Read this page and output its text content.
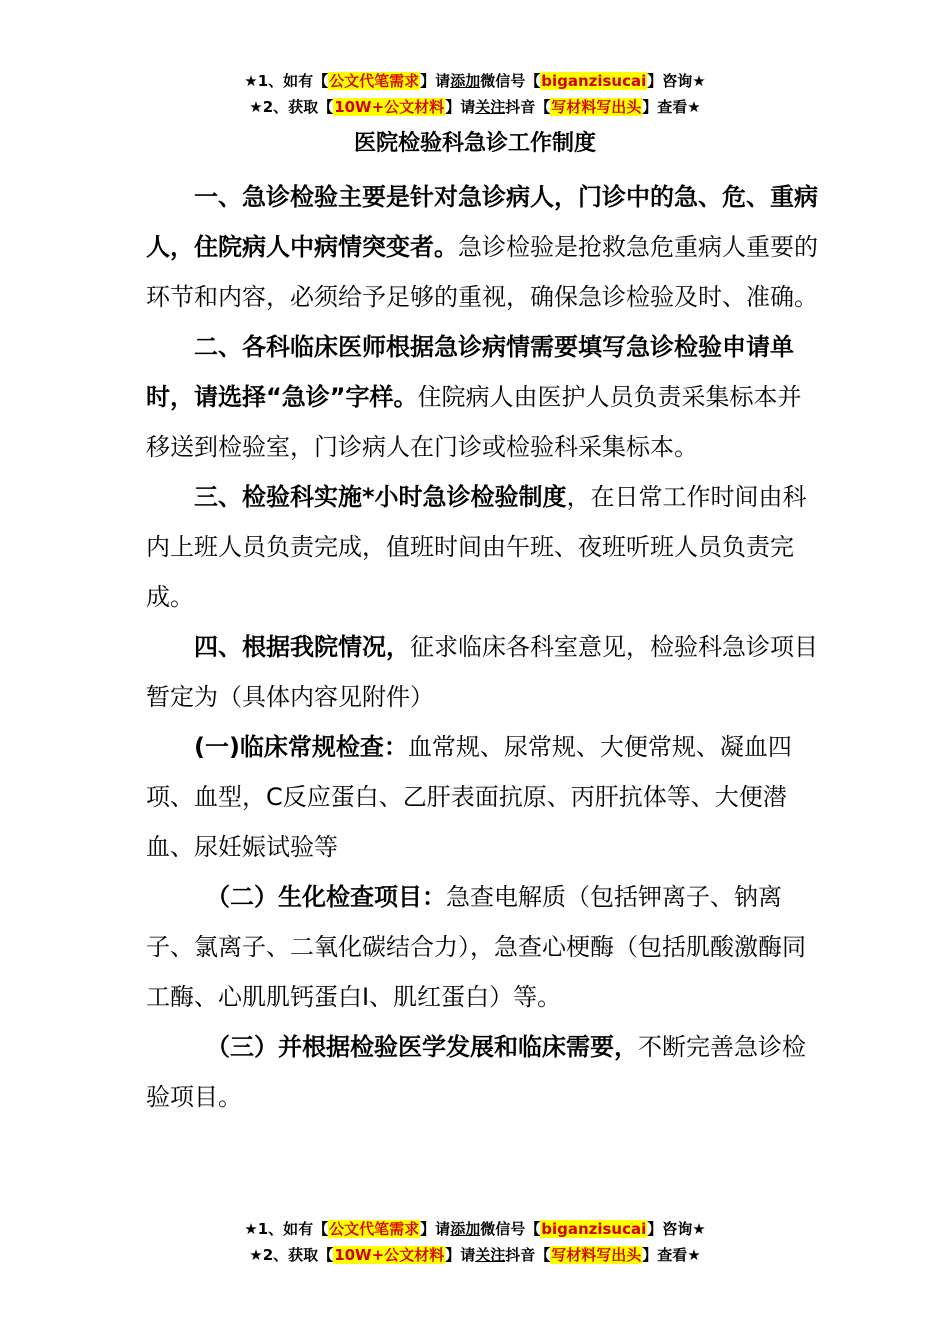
★1、如有【公文代笔需求】请添加微信号【biganzisucai】咨询★
★2、获取【10W+公文材料】请关注抖音【写材料写出头】查看★
医院检验科急诊工作制度

一、急诊检验主要是针对急诊病人，门诊中的急、危、重病人，住院病人中病情突变者。急诊检验是抢救急危重病人重要的环节和内容，必须给予足够的重视，确保急诊检验及时、准确。

二、各科临床医师根据急诊病情需要填写急诊检验申请单时，请选择“急诊”字样。住院病人由医护人员负责采集标本并移送到检验室，门诊病人在门诊或检验科采集标本。

三、检验科实施*小时急诊检验制度，在日常工作时间由科内上班人员负责完成，值班时间由午班、夜班听班人员负责完成。

四、根据我院情况，征求临床各科室意见，检验科急诊项目暂定为（具体内容见附件）

(一)临床常规检查：血常规、尿常规、大便常规、凝血四项、血型，C反应蛋白、乙肝表面抗原、丙肝抗体等、大便潜血、尿妊娠试验等

（二）生化检查项目：急查电解质（包括钾离子、钠离子、氯离子、二氧化碳结合力），急查心梗酶（包括肌酸激酶同工酶、心肌肌钙蛋白I、肌红蛋白）等。

（三）并根据检验医学发展和临床需要，不断完善急诊检验项目。

★1、如有【公文代笔需求】请添加微信号【biganzisucai】咨询★
★2、获取【10W+公文材料】请关注抖音【写材料写出头】查看★
